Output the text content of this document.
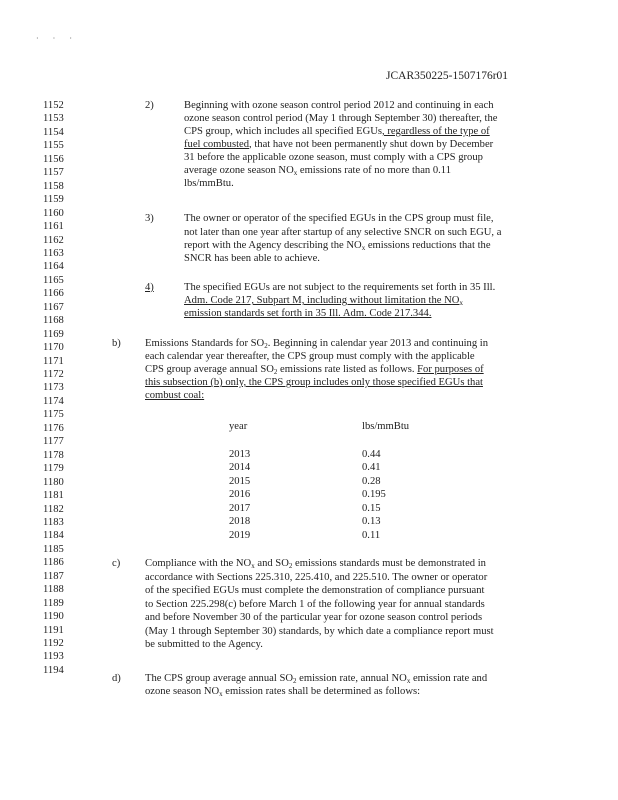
· · ·
JCAR350225-1507176r01
1152
1153
1154
1155
1156
1157
1158
1159
1160
1161
1162
1163
1164
1165
1166
1167
1168
1169
1170
1171
1172
1173
1174
1175
1176
1177
1178
1179
1180
1181
1182
1183
1184
1185
1186
1187
1188
1189
1190
1191
1192
1193
1194
2)	Beginning with ozone season control period 2012 and continuing in each
ozone season control period (May 1 through September 30) thereafter, the
CPS group, which includes all specified EGUs, regardless of the type of
fuel combusted, that have not been permanently shut down by December
31 before the applicable ozone season, must comply with a CPS group
average ozone season $NO_x$ emissions rate of no more than 0.11
lbs/mmBtu.
3)	The owner or operator of the specified EGUs in the CPS group must file,
not later than one year after startup of any selective SNCR on such EGU, a
report with the Agency describing the $NO_x$ emissions reductions that the
SNCR has been able to achieve.
4)	The specified EGUs are not subject to the requirements set forth in 35 Ill.
Adm. Code 217, Subpart M, including without limitation the $NO_x$
emission standards set forth in 35 Ill. Adm. Code 217.344.
b) Emissions Standards for $SO_2$. Beginning in calendar year 2013 and continuing in
each calendar year thereafter, the CPS group must comply with the applicable
CPS group average annual $SO_2$ emissions rate listed as follows. For purposes of
this subsection (b) only, the CPS group includes only those specified EGUs that
combust coal:
year	lbs/mmBtu
2013	0.44
2014	0.41
2015	0.28
2016	0.195
2017	0.15
2018	0.13
2019	0.11
c) Compliance with the $NO_x$ and $SO_2$ emissions standards must be demonstrated in
accordance with Sections 225.310, 225.410, and 225.510. The owner or operator
of the specified EGUs must complete the demonstration of compliance pursuant
to Section 225.298(c) before March 1 of the following year for annual standards
and before November 30 of the particular year for ozone season control periods
(May 1 through September 30) standards, by which date a compliance report must
be submitted to the Agency.
d) The CPS group average annual $SO_2$ emission rate, annual $NO_x$ emission rate and
ozone season $NO_x$ emission rates shall be determined as follows:
